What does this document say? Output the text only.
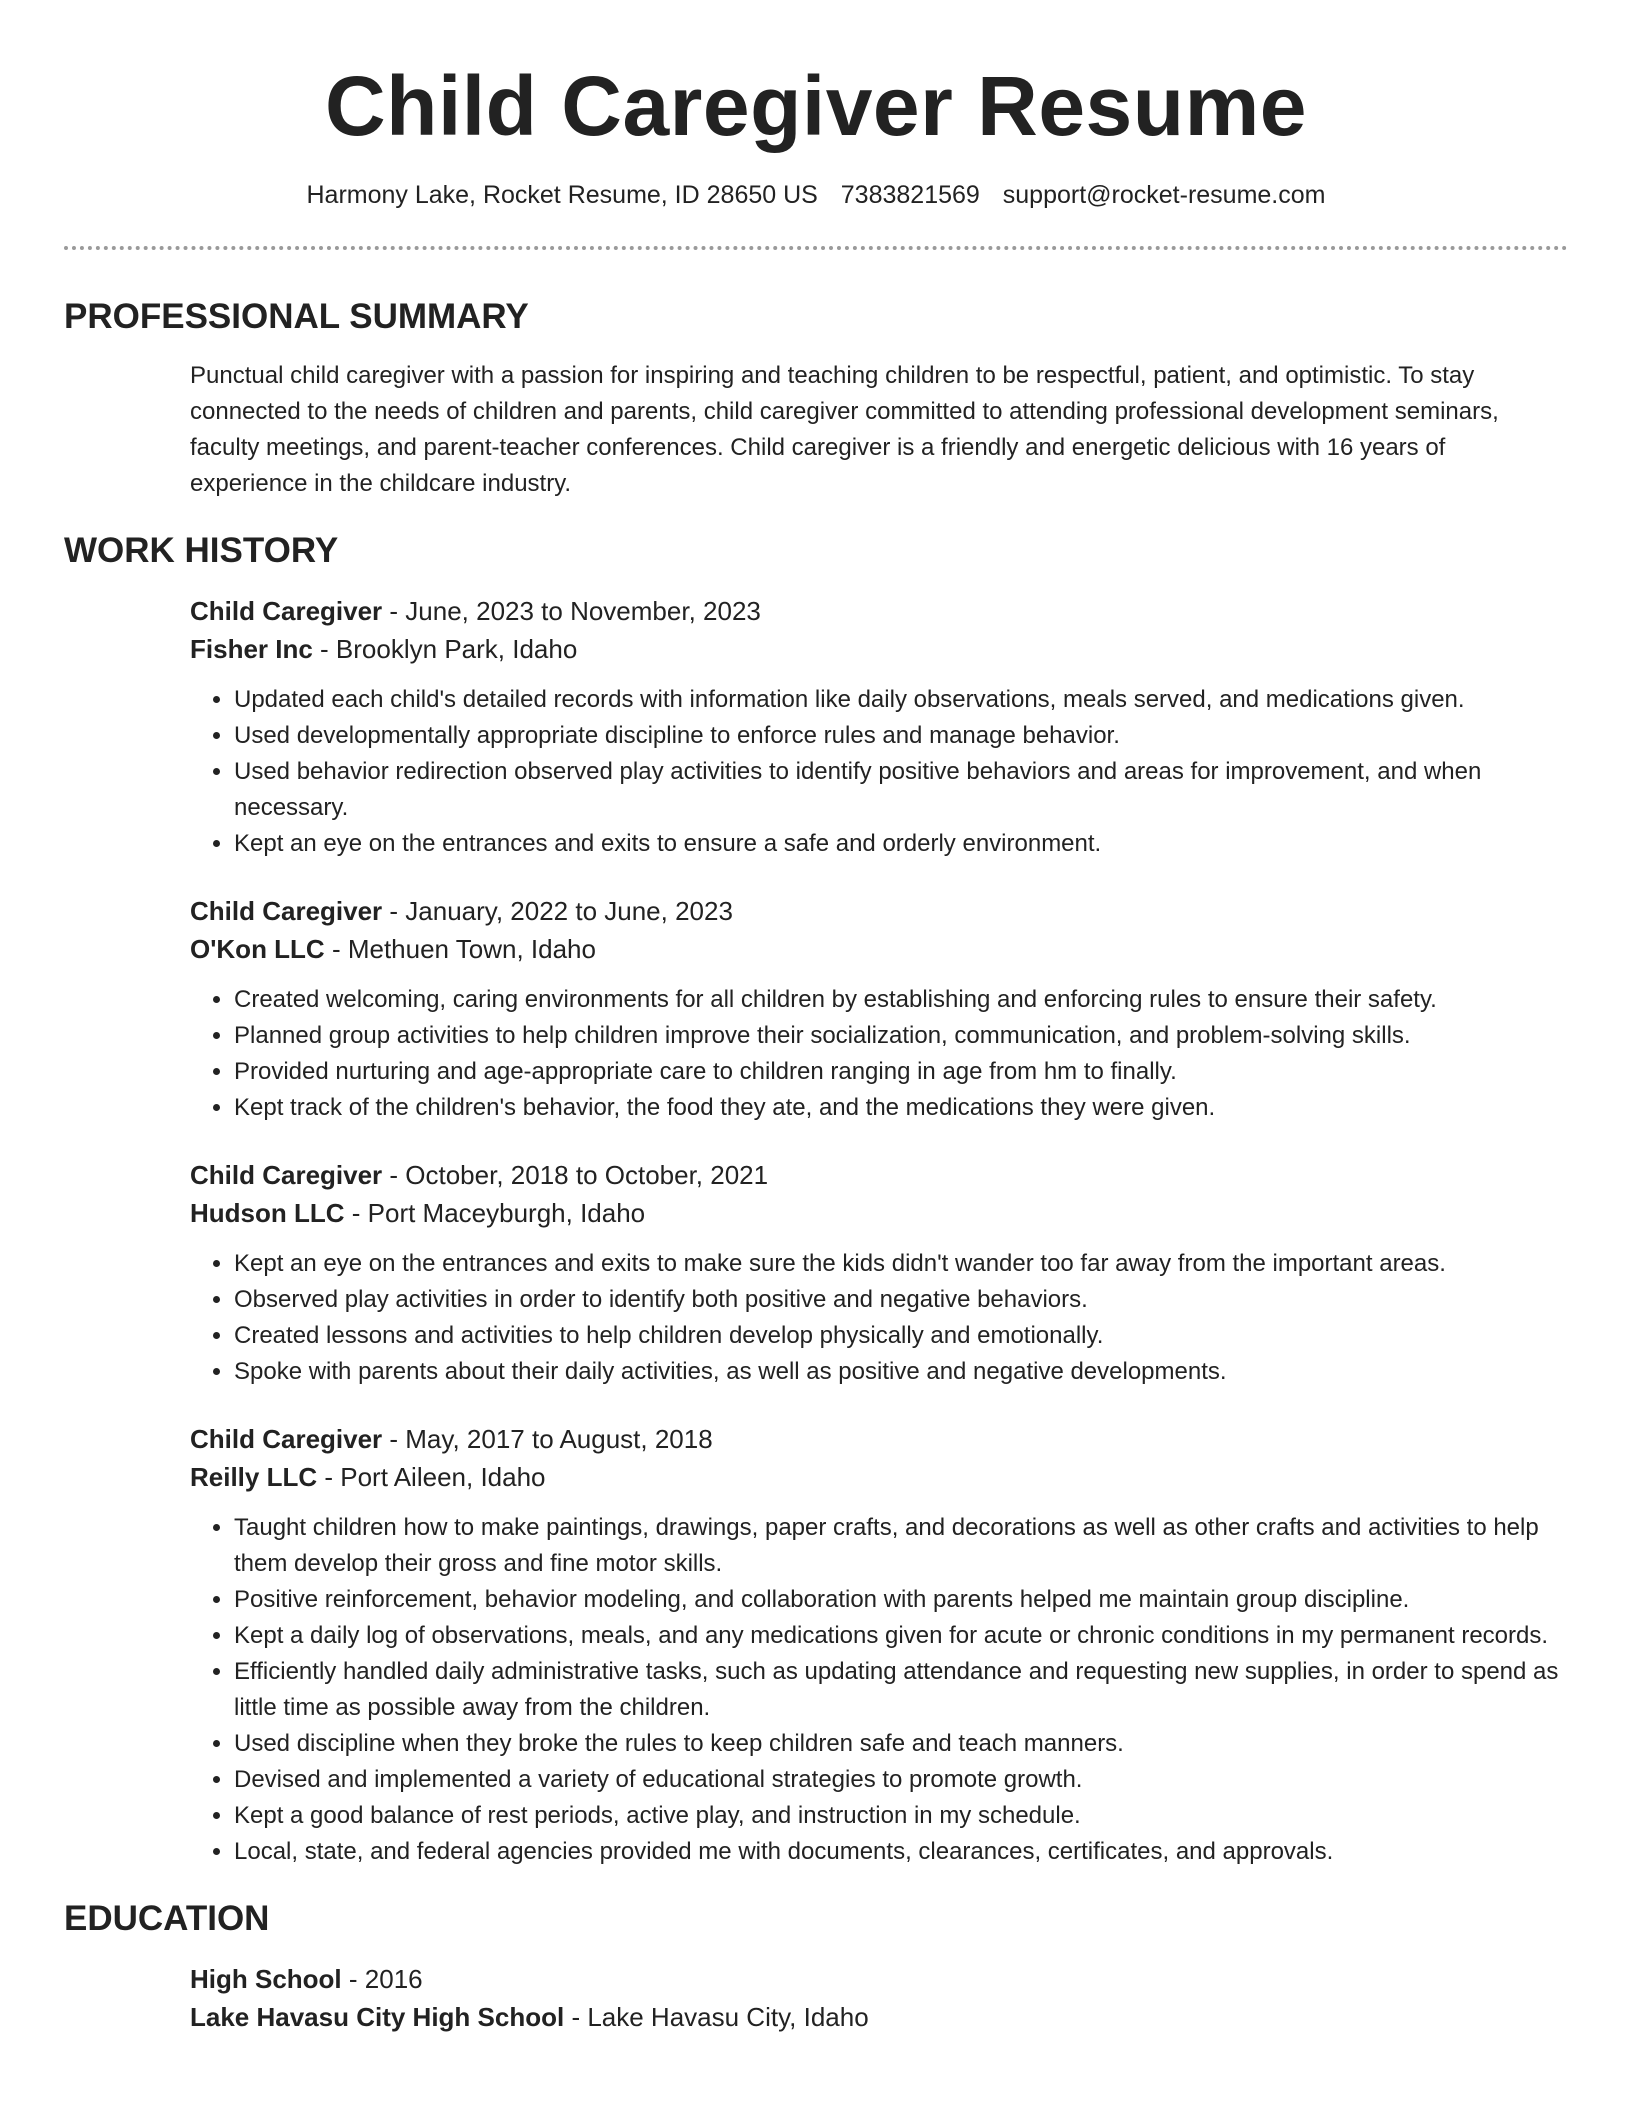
Child Caregiver Resume
Harmony Lake, Rocket Resume, ID 28650 US 7383821569 support@rocket-resume.com
PROFESSIONAL SUMMARY

Punctual child caregiver with a passion for inspiring and teaching children to be respectful, patient, and optimistic. To stay connected to the needs of children and parents, child caregiver committed to attending professional development seminars, faculty meetings, and parent-teacher conferences. Child caregiver is a friendly and energetic delicious with 16 years of experience in the childcare industry.

WORK HISTORY
Child Caregiver - June, 2023 to November, 2023
Fisher Inc - Brooklyn Park, Idaho
• Updated each child's detailed records with information like daily observations, meals served, and medications given.
• Used developmentally appropriate discipline to enforce rules and manage behavior.
• Used behavior redirection observed play activities to identify positive behaviors and areas for improvement, and when necessary.
• Kept an eye on the entrances and exits to ensure a safe and orderly environment.
Child Caregiver - January, 2022 to June, 2023
O'Kon LLC - Methuen Town, Idaho
• Created welcoming, caring environments for all children by establishing and enforcing rules to ensure their safety.
• Planned group activities to help children improve their socialization, communication, and problem-solving skills.
• Provided nurturing and age-appropriate care to children ranging in age from hm to finally.
• Kept track of the children's behavior, the food they ate, and the medications they were given.
Child Caregiver - October, 2018 to October, 2021
Hudson LLC - Port Maceyburgh, Idaho
• Kept an eye on the entrances and exits to make sure the kids didn't wander too far away from the important areas.
• Observed play activities in order to identify both positive and negative behaviors.
• Created lessons and activities to help children develop physically and emotionally.
• Spoke with parents about their daily activities, as well as positive and negative developments.
Child Caregiver - May, 2017 to August, 2018
Reilly LLC - Port Aileen, Idaho
• Taught children how to make paintings, drawings, paper crafts, and decorations as well as other crafts and activities to help them develop their gross and fine motor skills.
• Positive reinforcement, behavior modeling, and collaboration with parents helped me maintain group discipline.
• Kept a daily log of observations, meals, and any medications given for acute or chronic conditions in my permanent records.
• Efficiently handled daily administrative tasks, such as updating attendance and requesting new supplies, in order to spend as little time as possible away from the children.
• Used discipline when they broke the rules to keep children safe and teach manners.
• Devised and implemented a variety of educational strategies to promote growth.
• Kept a good balance of rest periods, active play, and instruction in my schedule.
• Local, state, and federal agencies provided me with documents, clearances, certificates, and approvals.
EDUCATION
High School - 2016
Lake Havasu City High School - Lake Havasu City, Idaho
